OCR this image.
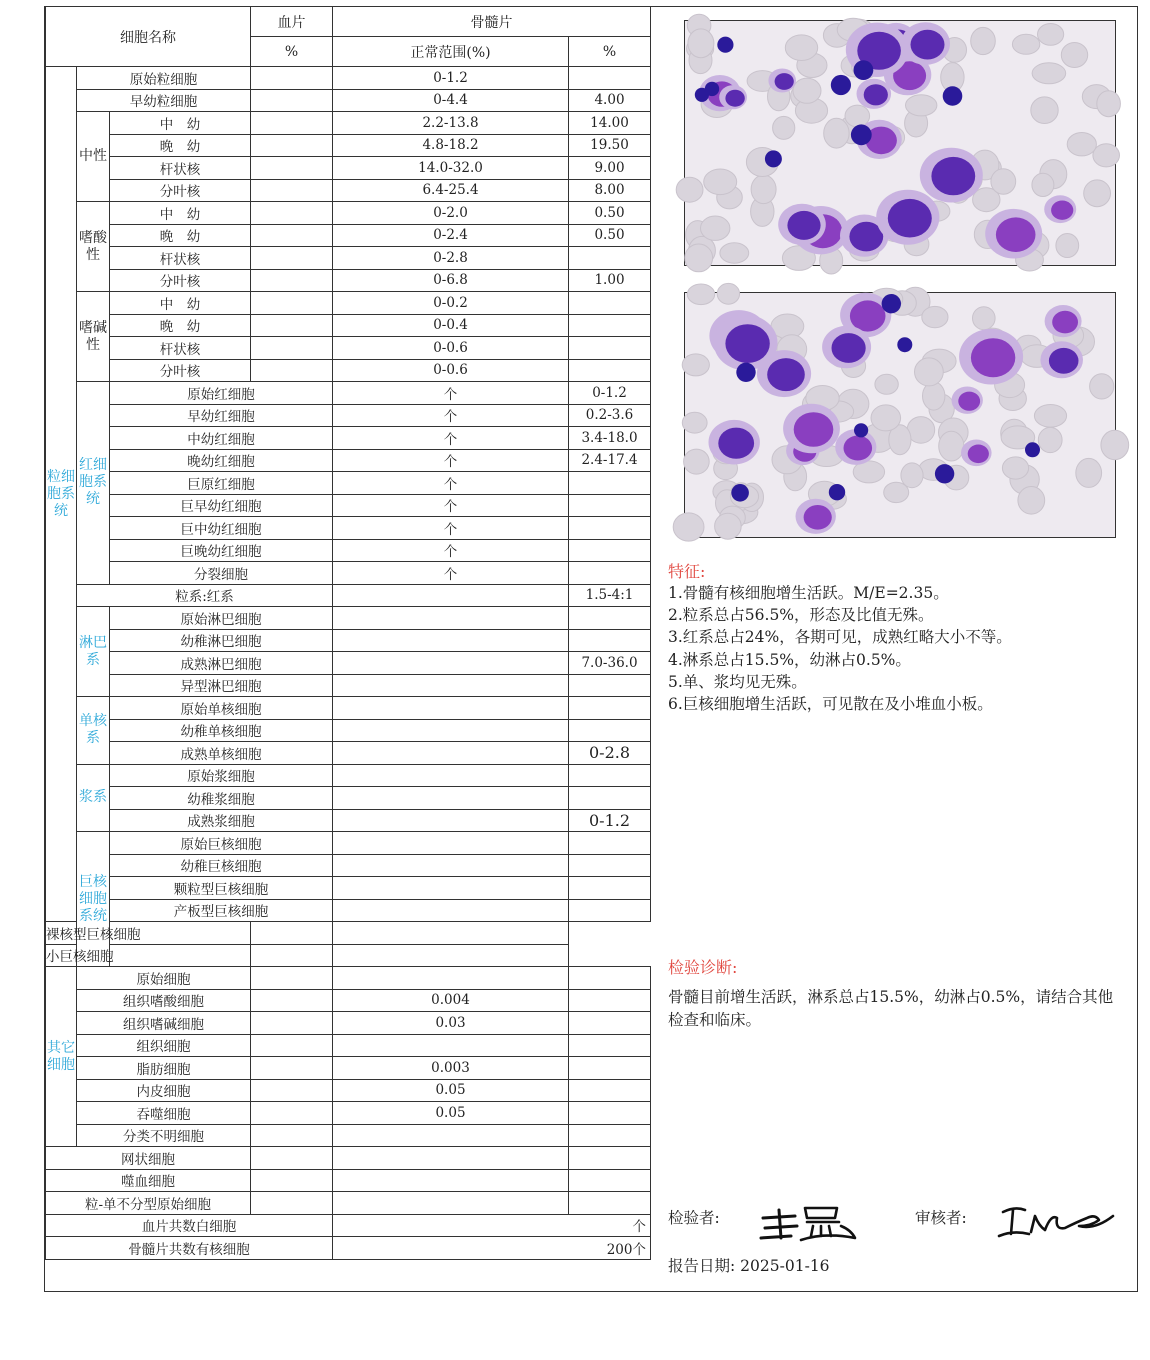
细胞名称			血片	骨髓片		
			%	正常范围(%)	%	
粒细胞系统	原始粒细胞			0-1.2		
	早幼粒细胞			0-4.4	4.00	
	中性	中　幼		2.2-13.8	14.00	
		晚　幼		4.8-18.2	19.50	
		杆状核		14.0-32.0	9.00	
		分叶核		6.4-25.4	8.00	
	嗜酸性	中　幼		0-2.0	0.50	
		晚　幼		0-2.4	0.50	
		杆状核		0-2.8		
		分叶核		0-6.8	1.00	
	嗜碱性	中　幼		0-0.2		
		晚　幼		0-0.4		
		杆状核		0-0.6		
		分叶核		0-0.6		
	红细胞系统	原始红细胞		个	0-1.2	
		早幼红细胞		个	0.2-3.6	
		中幼红细胞		个	3.4-18.0	
		晚幼红细胞		个	2.4-17.4	
		巨原红细胞		个		
		巨早幼红细胞		个		
		巨中幼红细胞		个		
		巨晚幼红细胞		个		
		分裂细胞		个		
	粒系:红系				1.5-4:1	
	淋巴系	原始淋巴细胞				
		幼稚淋巴细胞			
		成熟淋巴细胞			7.0-36.0	
		异型淋巴细胞				
	单核系	原始单核细胞				
		幼稚单核细胞				
		成熟单核细胞			0-2.8	
	浆系	原始浆细胞				
		幼稚浆细胞				
		成熟浆细胞			0-1.2	
	巨核细胞系统	原始巨核细胞				
		幼稚巨核细胞				
		颗粒型巨核细胞				
		产板型巨核细胞				
裸核型巨核细胞						
小巨核细胞						
其它细胞	原始细胞					
	组织嗜酸细胞			0.004		
	组织嗜碱细胞			0.03		
	组织细胞					
	脂肪细胞			0.003		
	内皮细胞			0.05		
	吞噬细胞			0.05		
	分类不明细胞					
网状细胞						
噬血细胞						
粒-单不分型原始细胞						
血片共数白细胞				个		
骨髓片共数有核细胞				200个		
特征:
1.骨髓有核细胞增生活跃。M/E=2.35。
2.粒系总占56.5%，形态及比值无殊。
3.红系总占24%，各期可见，成熟红略大小不等。
4.淋系总占15.5%，幼淋占0.5%。
5.单、浆均见无殊。
6.巨核细胞增生活跃，可见散在及小堆血小板。
检验诊断:
骨髓目前增生活跃，淋系总占15.5%，幼淋占0.5%，请结合其他检查和临床。
检验者:	审核者:
报告日期: 2025-01-16
